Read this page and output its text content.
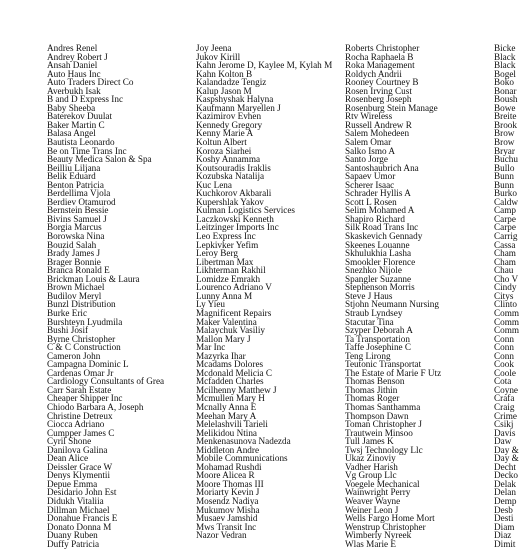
Andres Renel
Andrey Robert J
Ansah Daniel
Auto Haus Inc
Auto Traders Direct Co
Averbukh Isak
B and D Express Inc
Baby Sheeba
Baterekov Duulat
Baker Martin C
Balasa Angel
Bautista Leonardo
Be on Time Trans Inc
Beauty Medica Salon & Spa
Beilliu Liljana
Belik Eduard
Benton Patricia
Berdellima Vjola
Berdiev Otamurod
Bernstein Bessie
Bivins Samuel J
Borgia Marcus
Borowska Nina
Bouzid Salah
Brady James J
Brager Bonnie
Branca Ronald E
Brickman Louis & Laura
Brown Michael
Budilov Meryl
Bunzl Distribution
Burke Eric
Burshteyn Lyudmila
Bushi Josif
Byrne Christopher
C & C Construction
Cameron John
Campagna Dominic L
Cardenas Omar Jr
Cardiology Consultants of Grea
Carr Sarah Estate
Cheaper Shipper Inc
Chiodo Barbara A, Joseph
Christine Detreux
Ciocca Adriano
Cumpper James C
Cyril Shone
Danilova Galina
Dean Alice
Deissler Grace W
Denys Klymentii
Depue Emma
Desidario John Est
Didukh Vitaliia
Dillman Michael
Donahue Francis E
Donato Donna M
Duany Ruben
Duffy Patricia
Joy Jeena
Jukov Kirill
Kahn Jerome D, Kaylee M, Kylah M
Kahn Kolton B
Kalandadze Tengiz
Kalup Jason M
Kaspshyshak Halyna
Kaufmann Maryellen J
Kazimirov Evhen
Kennedy Gregory
Kenny Marie A
Koltun Albert
Koroza Siarhei
Koshy Annamma
Koutsouradis Iraklis
Kozubska Natalija
Kuc Lena
Kuchkorov Akbarali
Kupershlak Yakov
Kulman Logistics Services
Laczkowski Kenneth
Leitzinger Imports Inc
Leo Express Inc
Lepkivker Yefim
Leroy Berg
Libertman Max
Likhterman Rakhil
Lomidze Emrakh
Lourenco Adriano V
Lunny Anna M
Ly Yieu
Magnificent Repairs
Maker Valentina
Malaychuk Vasiliy
Mallon Mary J
Mar Inc
Mazyrka Ihar
Mcadams Dolores
Mcdonald Melicia C
Mcfadden Charles
Mcilhenny Matthew J
Mcmullen Mary H
Mcnally Anna E
Meehan Mary A
Melelashvili Tarieli
Melikidou Ntina
Menkenasunova Nadezda
Middleton Andre
Mobile Communications
Mohamad Rushdi
Moore Alicea R
Moore Thomas III
Moriarty Kevin J
Mosendz Nadiya
Mukumov Misha
Musaev Jamshid
Mws Transit Inc
Nazor Vedran
Roberts Christopher
Rocha Raphaela B
Roka Management
Roldych Andrii
Rooney Courtney B
Rosen Irving Cust
Rosenberg Joseph
Rosenburg Stein Manage
Rtv Wireless
Russell Andrew R
Salem Mohedeen
Salem Omar
Salko Ismo A
Santo Jorge
Santoshaubrich Ana
Sapaev Umor
Scherer Isaac
Schrader Hyllis A
Scott L Rosen
Selim Mohamed A
Shapiro Richard
Silk Road Trans Inc
Skaskevich Gennady
Skeenes Louanne
Skhulukhia Lasha
Smookler Florence
Snezhko Nijole
Spangler Suzanne
Stephenson Morris
Steve J Haus
Stjohn Neumann Nursing
Straub Lyndsey
Stacutar Tina
Szyper Deborah A
Ta Transportation
Taffe Josephine C
Teng Lirong
Teutonic Transportat
The Estate of Marie F Utz
Thomas Benson
Thomas Jithin
Thomas Roger
Thomas Santhamma
Thompson Dawn
Toman Christopher J
Trautwein Minsoo
Tull James K
Twsj Technology Llc
Ukaz Zinoviy
Vadher Harish
Vg Group Llc
Voegele Mechanical
Wainwright Perry
Weaver Wayne
Weiner Leon J
Wells Fargo Home Mort
Wenstrup Christopher
Wimberly Nyreek
Wlas Marie E
Bicke
Black
Black
Bogel
Boko
Bonar
Boush
Bowe
Breite
Brook
Brow
Brow
Bryar
Buchu
Bullo
Bunn
Bunn
Burko
Caldw
Camp
Carpe
Carpe
Carrig
Cassa
Cham
Cham
Chau
Cho V
Cindy
Citys
Clinto
Comm
Comm
Comm
Conn
Conn
Conn
Cook
Coole
Cota
Coyne
Crafa
Craig
Crime
Csikj
Davis
Daw
Day &
Day &
Decht
Decko
Delak
Delan
Demp
Desb
Desti
Diam
Diaz
Dimit
